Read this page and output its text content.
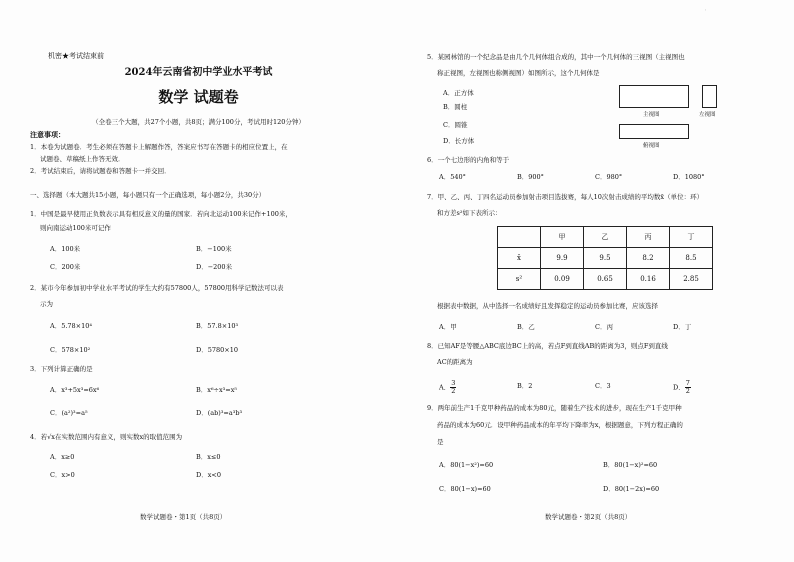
机密★考试结束前
2024年云南省初中学业水平考试
数学 试题卷
（全卷三个大题，共27个小题，共8页；满分100分，考试用时120分钟）
注意事项：
1．本卷为试题卷．考生必须在答题卡上解题作答，答案应书写在答题卡的相应位置上，在
试题卷、草稿纸上作答无效．
2．考试结束后，请将试题卷和答题卡一并交回．
一、选择题（本大题共15小题，每小题只有一个正确选项，每小题2分，共30分）
1．中国是最早使用正负数表示具有相反意义的量的国家．若向北运动100米记作+100米，
则向南运动100米可记作
A．100米	B．−100米
C．200米	D．−200米
2．某市今年参加初中学业水平考试的学生大约有57800人，57800用科学记数法可以表
示为
A．5.78×10⁴	B．57.8×10³
C．578×10²	D．5780×10
3．下列计算正确的是
A．x³+5x³=6x⁶	B．x⁶÷x³=x⁵
C．(a²)³=a⁵	D．(ab)³=a³b³
4．若√x在实数范围内有意义，则实数x的取值范围为
A．x≥0	B．x≤0
C．x>0	D．x<0
数学试题卷・第1页（共8页）
,
5．某园林馆的一个纪念品是由几个几何体组合成的，其中一个几何体的三视图（主视图也
称正视图，左视图也称侧视图）如图所示，这个几何体是
A．正方体
B．圆柱
C．圆锥
D．长方体
主视图	左视图
俯视图
6．一个七边形的内角和等于
A．540°	B．900°	C．980°	D．1080°
7．甲、乙、丙、丁四名运动员参加射击项目选拔赛，每人10次射击成绩的平均数x̄（单位：环）
和方差s²如下表所示：
	甲	乙	丙	丁
x̄	9.9	9.5	8.2	8.5
s²	0.09	0.65	0.16	2.85
根据表中数据，从中选择一名成绩好且发挥稳定的运动员参加比赛，应该选择
A．甲	B．乙	C．丙	D．丁
8．已知AF是等腰△ABC底边BC上的高，若点F到直线AB的距离为3，则点F到直线
AC的距离为
A． $\frac{3}{2}$	B．2	C．3	D． $\frac{7}{2}$
9．两年前生产1千克甲种药品的成本为80元，随着生产技术的进步，现在生产1千克甲种
药品的成本为60元．设甲种药品成本的年平均下降率为x，根据题意，下列方程正确的
是
A．80(1−x²)=60	B．80(1−x)²=60
C．80(1−x)=60	D．80(1−2x)=60
数学试题卷・第2页（共8页）
